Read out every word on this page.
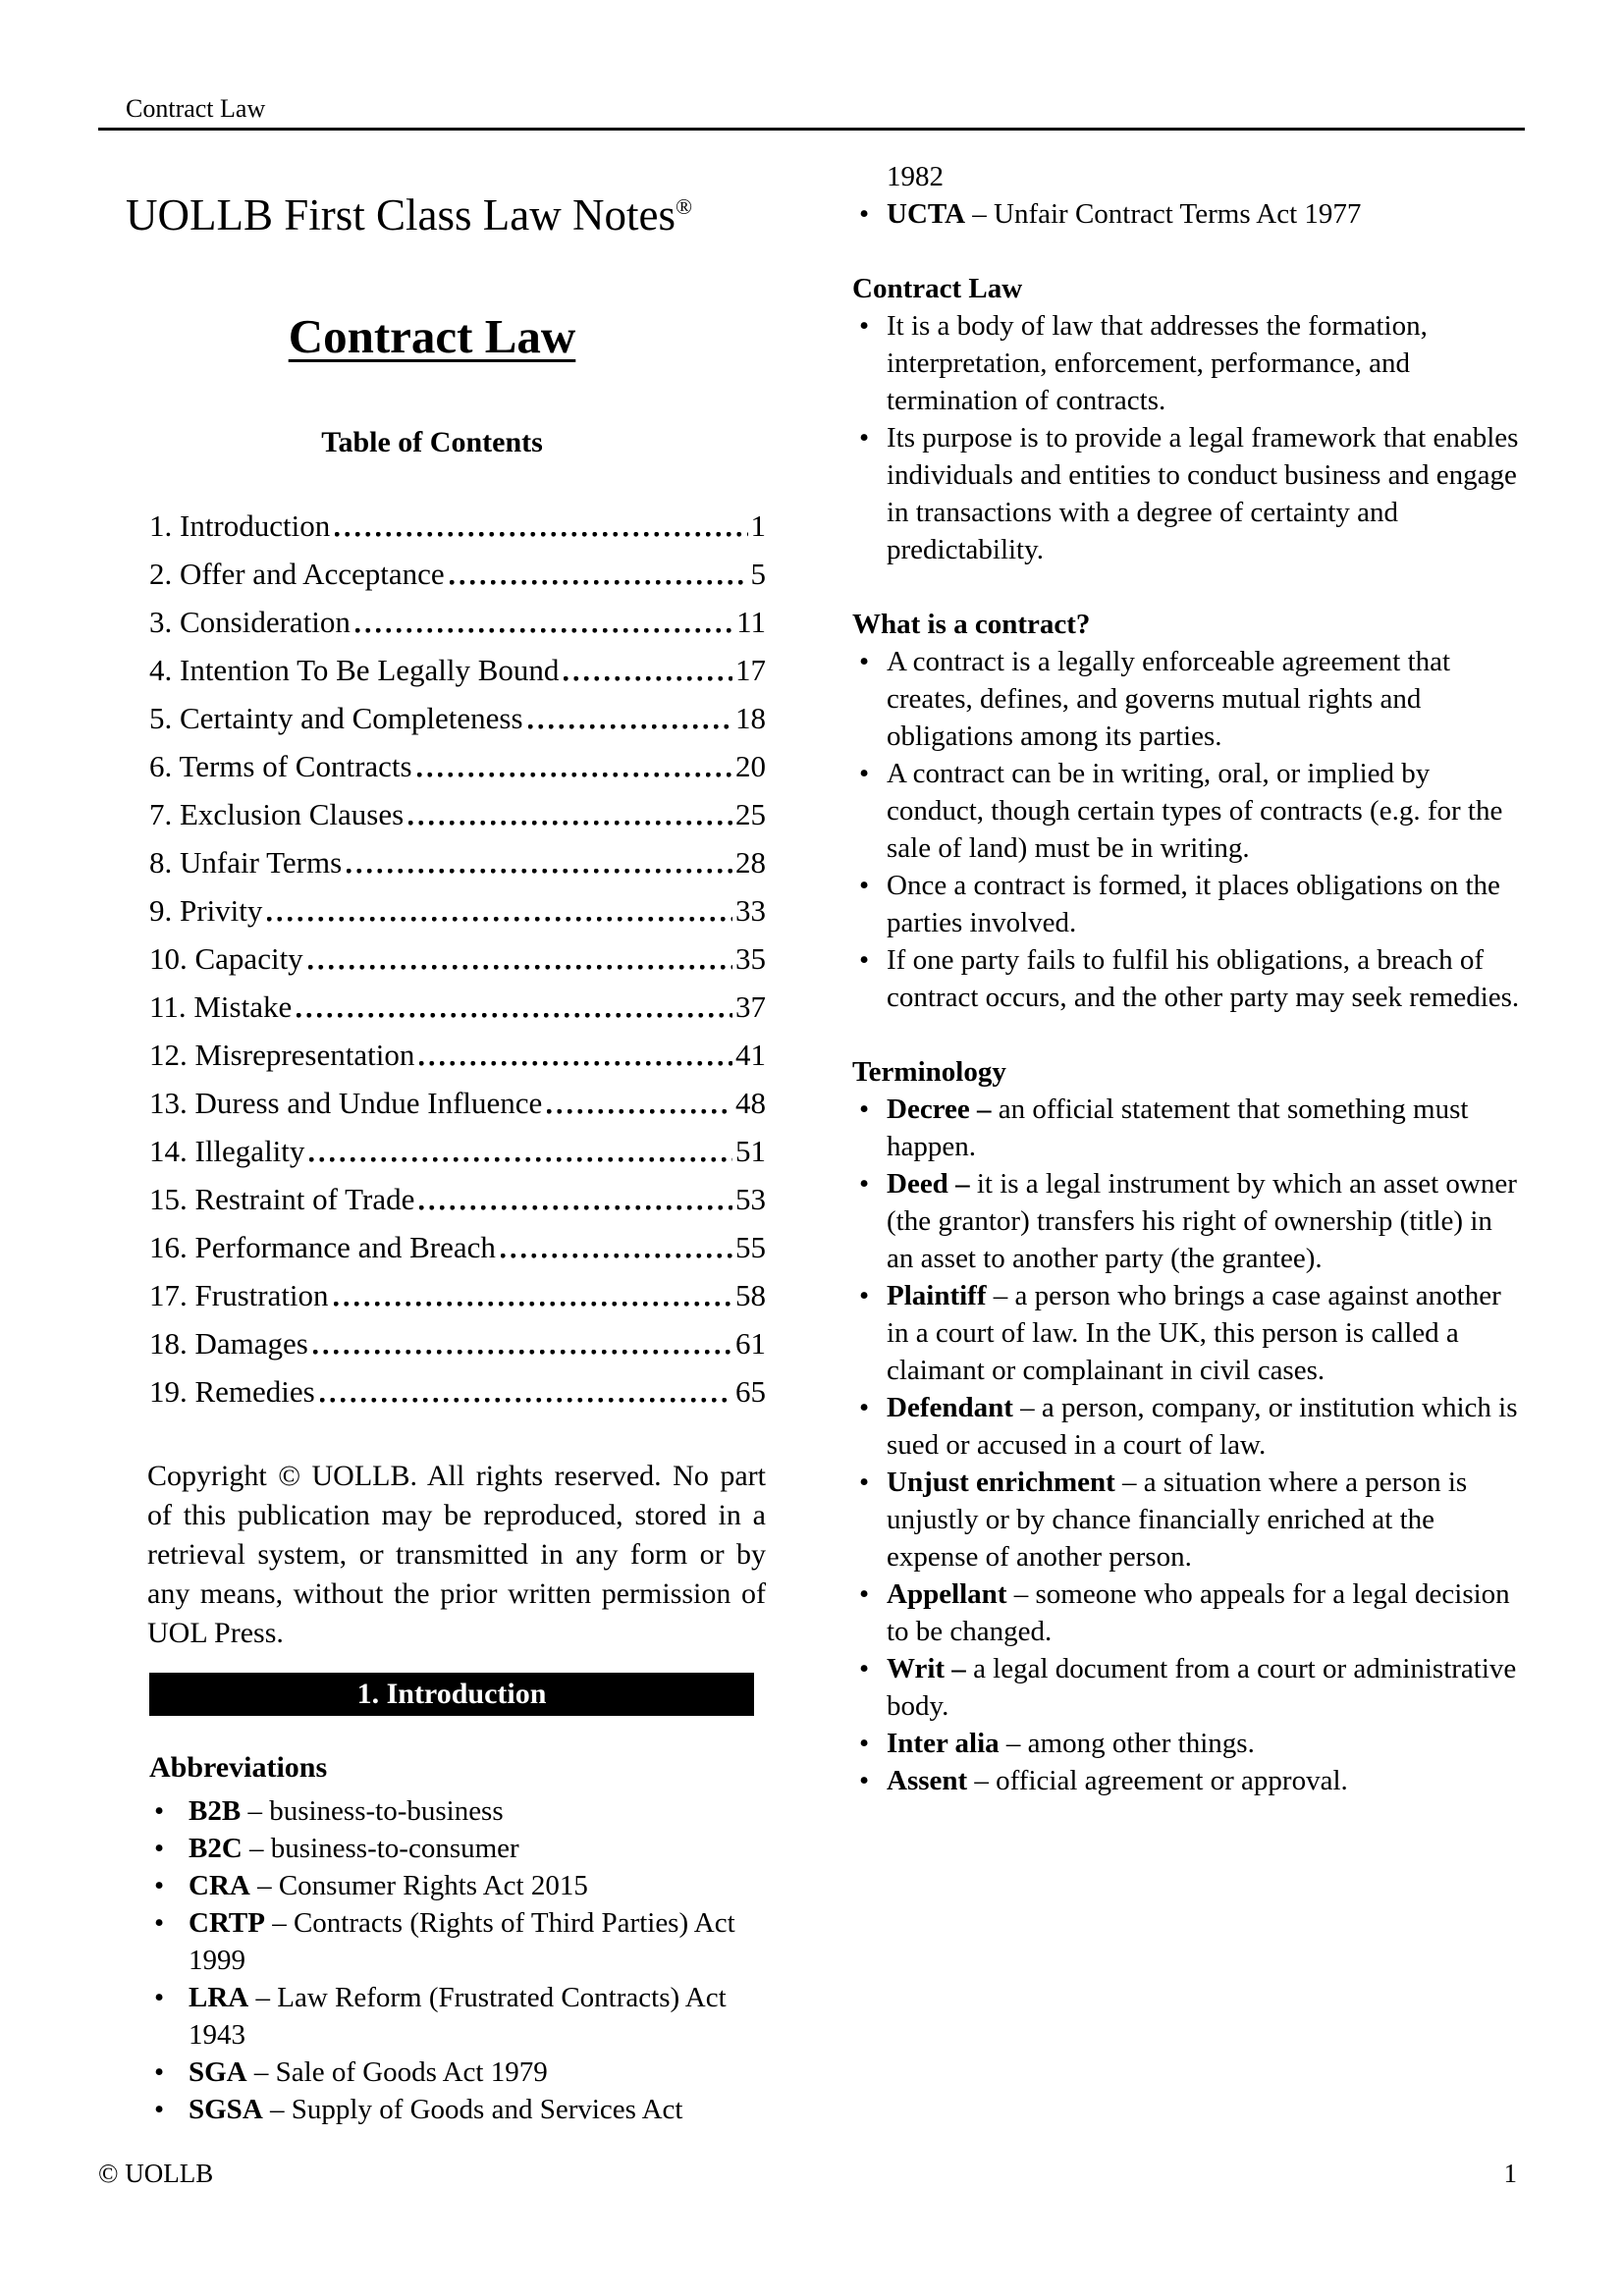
Contract Law
UOLLB First Class Law Notes®
Contract Law
Table of Contents
1. Introduction	1
2. Offer and Acceptance	5
3. Consideration	11
4. Intention To Be Legally Bound	17
5. Certainty and Completeness	18
6. Terms of Contracts	20
7. Exclusion Clauses	25
8. Unfair Terms	28
9. Privity	33
10. Capacity	35
11. Mistake	37
12. Misrepresentation	41
13. Duress and Undue Influence	48
14. Illegality	51
15. Restraint of Trade	53
16. Performance and Breach	55
17. Frustration	58
18. Damages	61
19. Remedies	65

Copyright © UOLLB. All rights reserved. No part of this publication may be reproduced, stored in a retrieval system, or transmitted in any form or by any means, without the prior written permission of UOL Press.

1. Introduction
Abbreviations
• B2B – business-to-business
• B2C – business-to-consumer
• CRA – Consumer Rights Act 2015
• CRTP – Contracts (Rights of Third Parties) Act 1999
• LRA – Law Reform (Frustrated Contracts) Act 1943
• SGA – Sale of Goods Act 1979
• SGSA – Supply of Goods and Services Act
1982
• UCTA – Unfair Contract Terms Act 1977
Contract Law
• It is a body of law that addresses the formation, interpretation, enforcement, performance, and termination of contracts.
• Its purpose is to provide a legal framework that enables individuals and entities to conduct business and engage in transactions with a degree of certainty and predictability.
What is a contract?
• A contract is a legally enforceable agreement that creates, defines, and governs mutual rights and obligations among its parties.
• A contract can be in writing, oral, or implied by conduct, though certain types of contracts (e.g. for the sale of land) must be in writing.
• Once a contract is formed, it places obligations on the parties involved.
• If one party fails to fulfil his obligations, a breach of contract occurs, and the other party may seek remedies.
Terminology
• Decree – an official statement that something must happen.
• Deed – it is a legal instrument by which an asset owner (the grantor) transfers his right of ownership (title) in an asset to another party (the grantee).
• Plaintiff – a person who brings a case against another in a court of law. In the UK, this person is called a claimant or complainant in civil cases.
• Defendant – a person, company, or institution which is sued or accused in a court of law.
• Unjust enrichment – a situation where a person is unjustly or by chance financially enriched at the expense of another person.
• Appellant – someone who appeals for a legal decision to be changed.
• Writ – a legal document from a court or administrative body.
• Inter alia – among other things.
• Assent – official agreement or approval.
© UOLLB	1
